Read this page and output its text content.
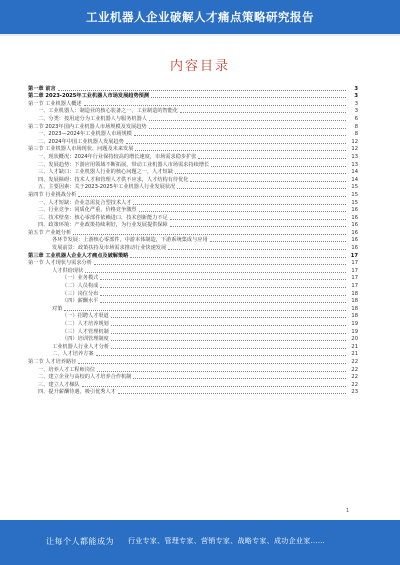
工业机器人企业破解人才痛点策略研究报告
内容目录
第一章 前言	3
第二章 2023-2025年工业机器人市场发展趋势预测	3
第一节 工业机器人概述	3
一、工业机器人：制造业的核心装备之一，工业制造的智能化	3
二、分类：按用途分为工业机器人与服务机器人	6
第二节 2023年国内工业机器人市场规模及发展趋势	8
一、2023—2024年工业机器人市场规模	8
二、2024年中国工业机器人发展趋势	12
第三节 工业机器人市场现状、问题及未来发展	12
一、现状概况：2024年行业保持较高的增长速度，市场需求稳步扩张	13
二、发展趋势：下游应用领域不断拓展，带动工业机器人市场需求持续增长	13
三、人才缺口：工业机器人行业的核心问题之一，人才短缺	14
四、发展障碍：技术人才和管理人才供不应求，人才结构有待优化	14
五、主要因素：关于2023-2025年工业机器人行业发展状况	15
第四节 行业挑战分析	15
一、人才短缺：企业急需复合型技术人才	15
二、行业竞争：同质化严重，价格竞争激烈	16
三、技术壁垒：核心零部件依赖进口，技术创新能力不足	16
四、政策环境：产业政策持续利好，为行业发展提供保障	16
第五节 产业链分析	16
各环节发展：上游核心零部件，中游本体制造，下游系统集成与应用	16
发展前景：政策扶持及市场需求推动行业快速发展	16
第三章 工业机器人企业人才痛点及破解策略	17
第一节 人才现状与需求分析	17
人才供给现状	17
（一）业务模式	17
（二）人员构成	17
（三）岗位分布	18
（四）薪酬水平	18
对策	18
（一）招聘人才渠道	18
（二）人才培养规划	19
（三）人才管理机制	19
（四）培训管理制度	20
工业机器人行业人才分析	21
二、人才培养方案	21
第二节 人才培养路径	22
一、培养人才工程师岗位	22
二、建立企业与高校的人才培养合作机制	22
三、建立人才梯队	22
四、提升薪酬待遇，吸引优秀人才	23
1
让每个人都能成为 行业专家、管理专家、营销专家、战略专家、成功企业家……
